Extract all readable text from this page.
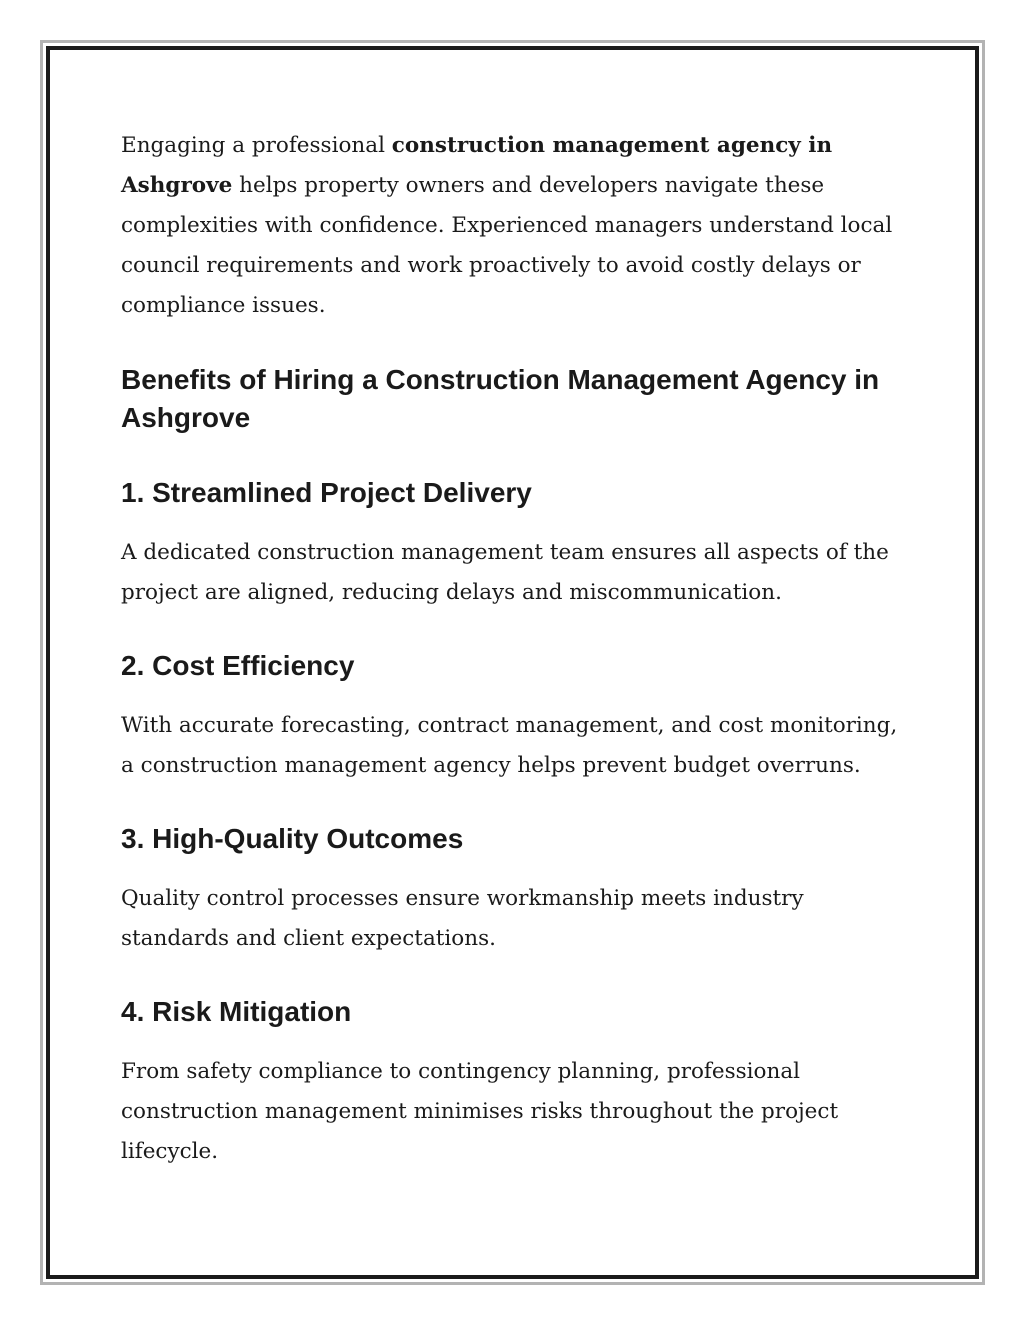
Engaging a professional construction management agency in Ashgrove helps property owners and developers navigate these complexities with confidence. Experienced managers understand local council requirements and work proactively to avoid costly delays or compliance issues.

Benefits of Hiring a Construction Management Agency in Ashgrove
1. Streamlined Project Delivery

A dedicated construction management team ensures all aspects of the project are aligned, reducing delays and miscommunication.

2. Cost Efficiency

With accurate forecasting, contract management, and cost monitoring, a construction management agency helps prevent budget overruns.

3. High-Quality Outcomes

Quality control processes ensure workmanship meets industry standards and client expectations.

4. Risk Mitigation

From safety compliance to contingency planning, professional construction management minimises risks throughout the project lifecycle.
